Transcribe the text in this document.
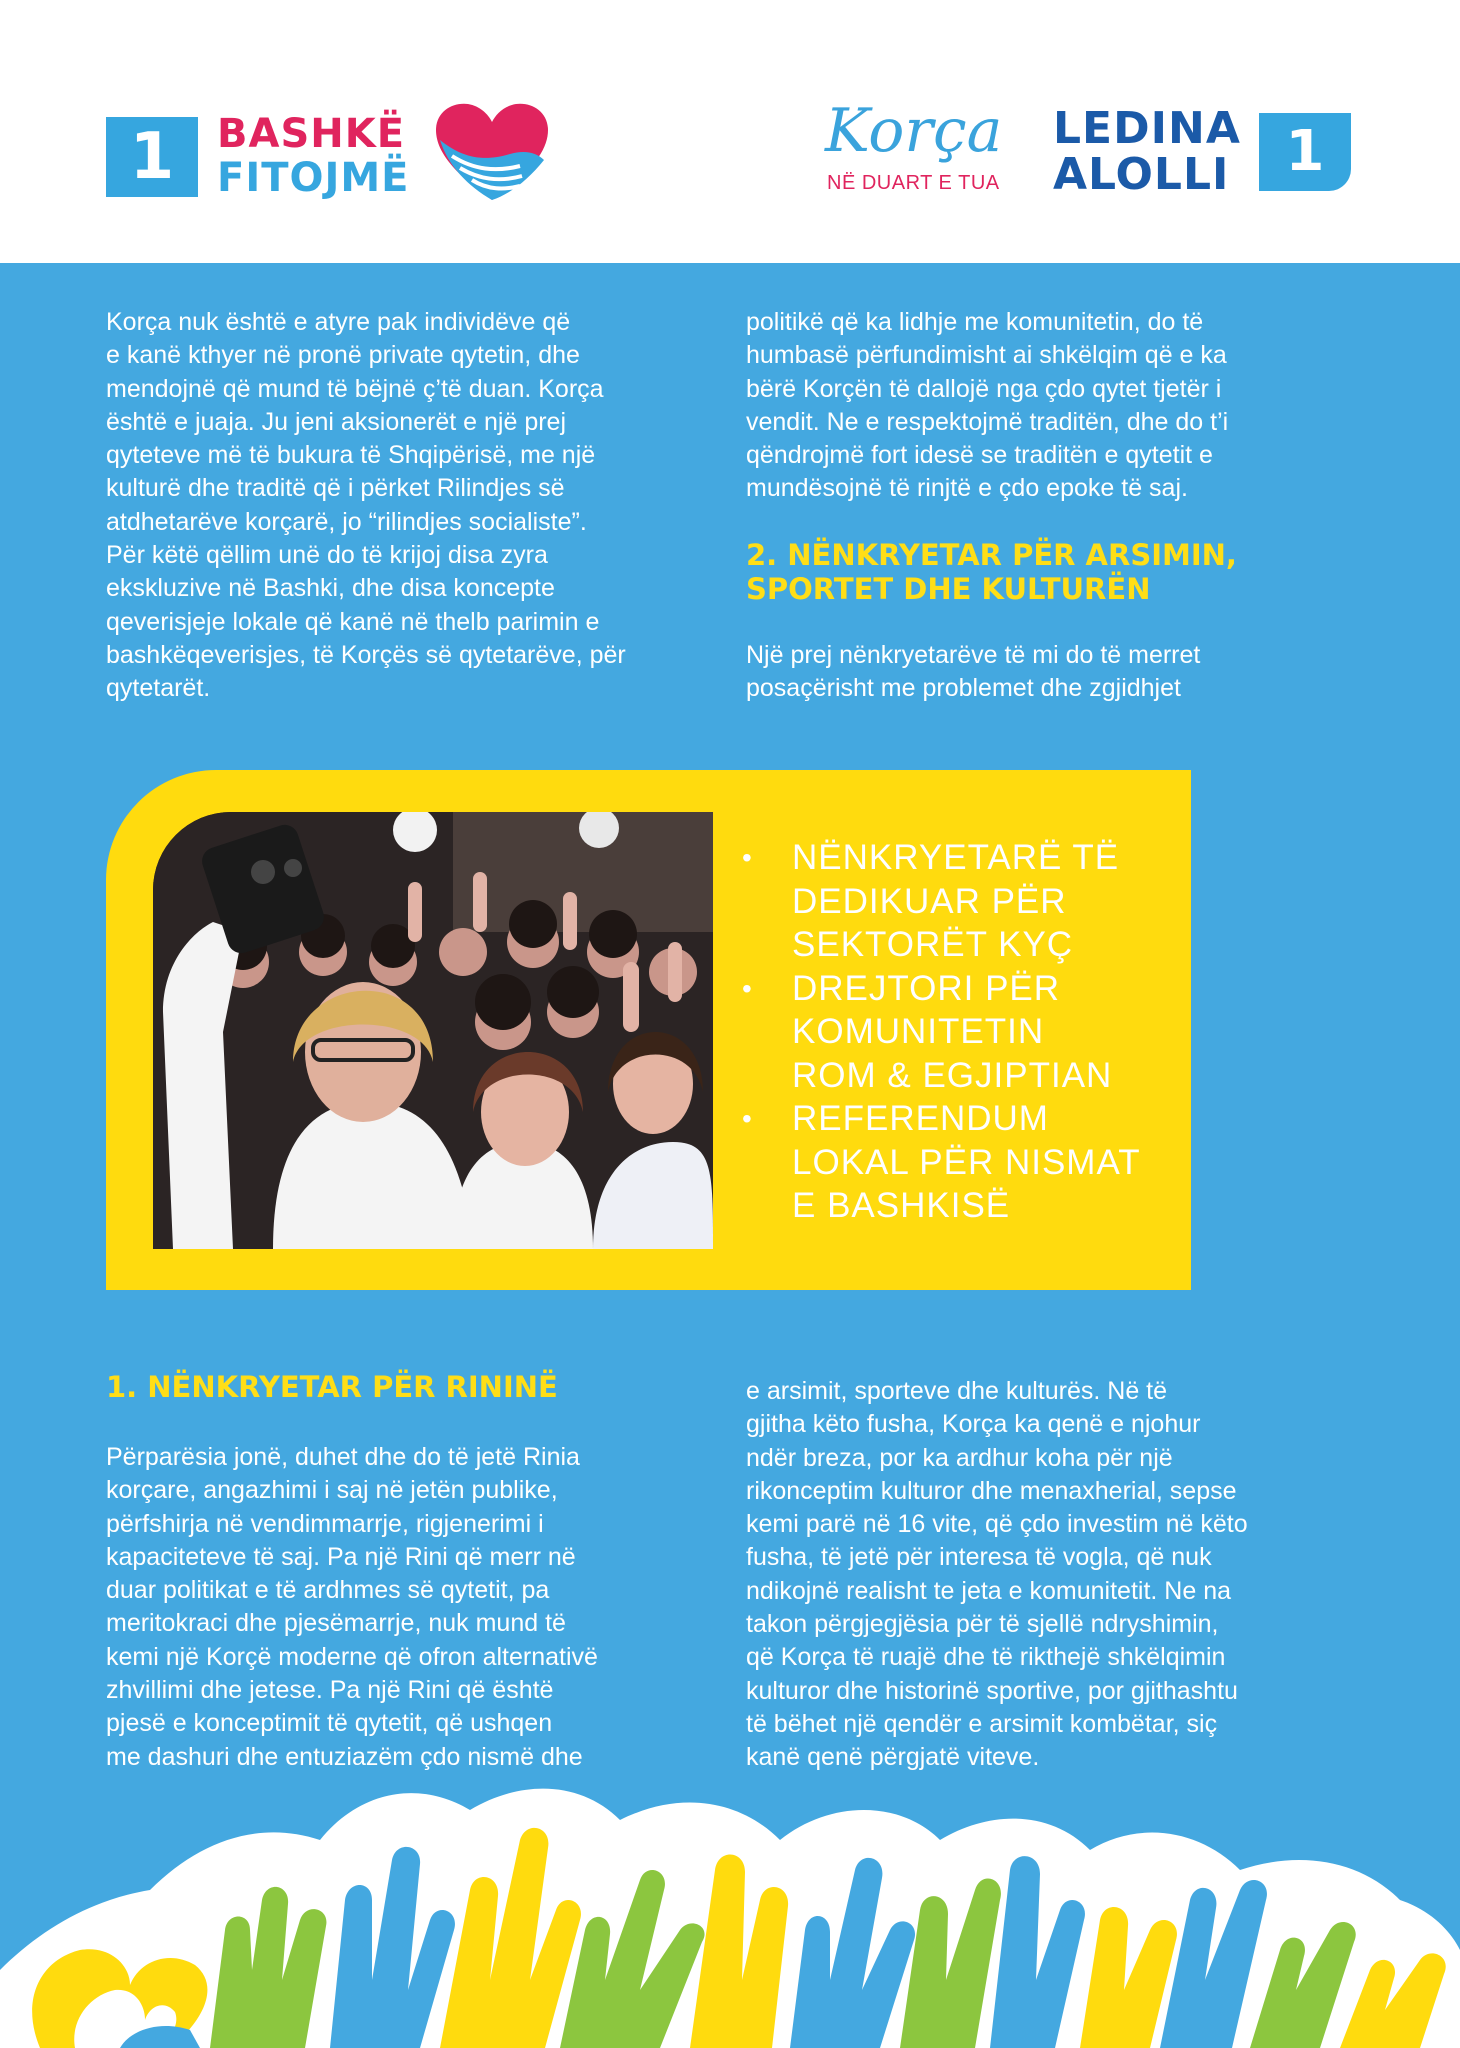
1	BASHKË
FITOJMË
Korça
NË DUART E TUA
LEDINA
ALOLLI	1

Korça nuk është e atyre pak individëve që
e kanë kthyer në pronë private qytetin, dhe
mendojnë që mund të bëjnë ç’të duan. Korça
është e juaja. Ju jeni aksionerët e një prej
qyteteve më të bukura të Shqipërisë, me një
kulturë dhe traditë që i përket Rilindjes së
atdhetarëve korçarë, jo “rilindjes socialiste”.
Për këtë qëllim unë do të krijoj disa zyra
ekskluzive në Bashki, dhe disa koncepte
qeverisjeje lokale që kanë në thelb parimin e
bashkëqeverisjes, të Korçës së qytetarëve, për
qytetarët.

politikë që ka lidhje me komunitetin, do të
humbasë përfundimisht ai shkëlqim që e ka
bërë Korçën të dallojë nga çdo qytet tjetër i
vendit. Ne e respektojmë traditën, dhe do t’i
qëndrojmë fort idesë se traditën e qytetit e
mundësojnë të rinjtë e çdo epoke të saj.

2. NËNKRYETAR PËR ARSIMIN,
SPORTET DHE KULTURËN

Një prej nënkryetarëve të mi do të merret
posaçërisht me problemet dhe zgjidhjet

• NËNKRYETARË TË
DEDIKUAR PËR
SEKTORËT KYÇ
• DREJTORI PËR
KOMUNITETIN
ROM & EGJIPTIAN
• REFERENDUM
LOKAL PËR NISMAT
E BASHKISË
1. NËNKRYETAR PËR RININË

Përparësia jonë, duhet dhe do të jetë Rinia
korçare, angazhimi i saj në jetën publike,
përfshirja në vendimmarrje, rigjenerimi i
kapaciteteve të saj. Pa një Rini që merr në
duar politikat e të ardhmes së qytetit, pa
meritokraci dhe pjesëmarrje, nuk mund të
kemi një Korçë moderne që ofron alternativë
zhvillimi dhe jetese. Pa një Rini që është
pjesë e konceptimit të qytetit, që ushqen
me dashuri dhe entuziazëm çdo nismë dhe

e arsimit, sporteve dhe kulturës. Në të
gjitha këto fusha, Korça ka qenë e njohur
ndër breza, por ka ardhur koha për një
rikonceptim kulturor dhe menaxherial, sepse
kemi parë në 16 vite, që çdo investim në këto
fusha, të jetë për interesa të vogla, që nuk
ndikojnë realisht te jeta e komunitetit. Ne na
takon përgjegjësia për të sjellë ndryshimin,
që Korça të ruajë dhe të rikthejë shkëlqimin
kulturor dhe historinë sportive, por gjithashtu
të bëhet një qendër e arsimit kombëtar, siç
kanë qenë përgjatë viteve.
